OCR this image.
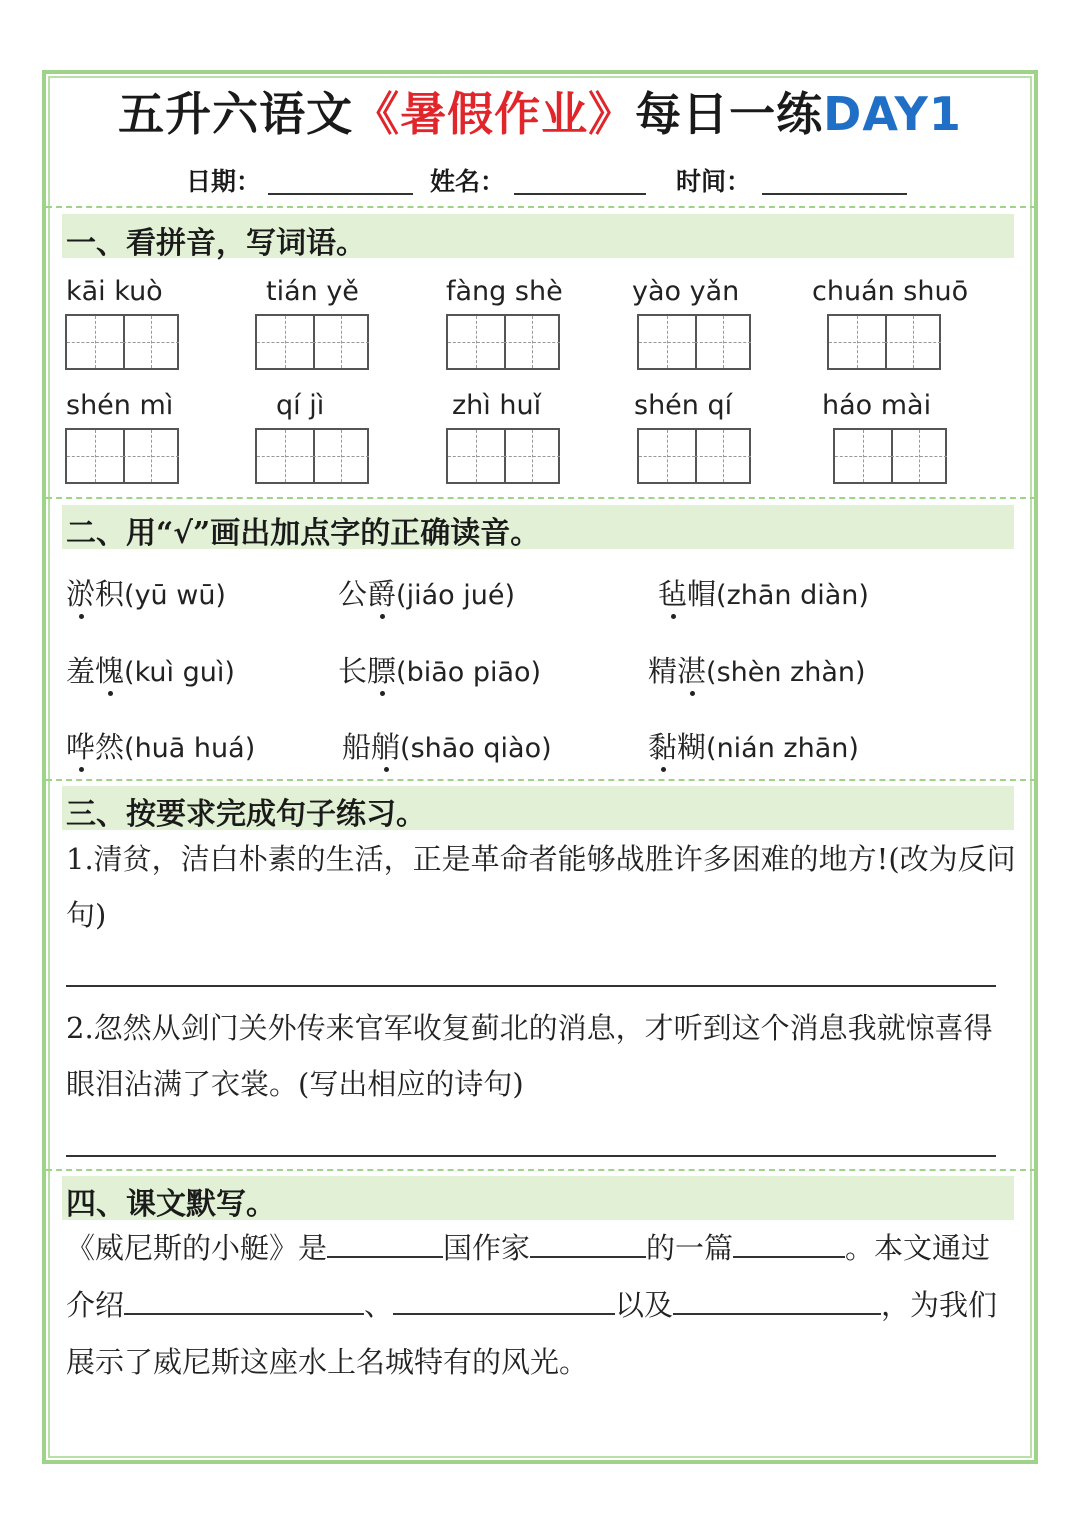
五升六语文《暑假作业》每日一练DAY1
日期：	姓名：	时间：
一、看拼音，写词语。
kāi kuò	tián yě	fàng shè	yào yǎn	chuán shuō
shén mì	qí jì	zhì huǐ	shén qí	háo mài
二、用“√”画出加点字的正确读音。
淤积(yū wū)	公爵(jiáo jué)	毡帽(zhān diàn)
羞愧(kuì guì)	长膘(biāo piāo)	精湛(shèn zhàn)
哗然(huā huá)	船艄(shāo qiào)	黏糊(nián zhān)
三、按要求完成句子练习。
1.清贫，洁白朴素的生活，正是革命者能够战胜许多困难的地方!(改为反问句)
2.忽然从剑门关外传来官军收复蓟北的消息，才听到这个消息我就惊喜得眼泪沾满了衣裳。(写出相应的诗句)
四、课文默写。
《威尼斯的小艇》是	国作家	的一篇	。本文通过介绍	、	以及	，为我们展示了威尼斯这座水上名城特有的风光。
